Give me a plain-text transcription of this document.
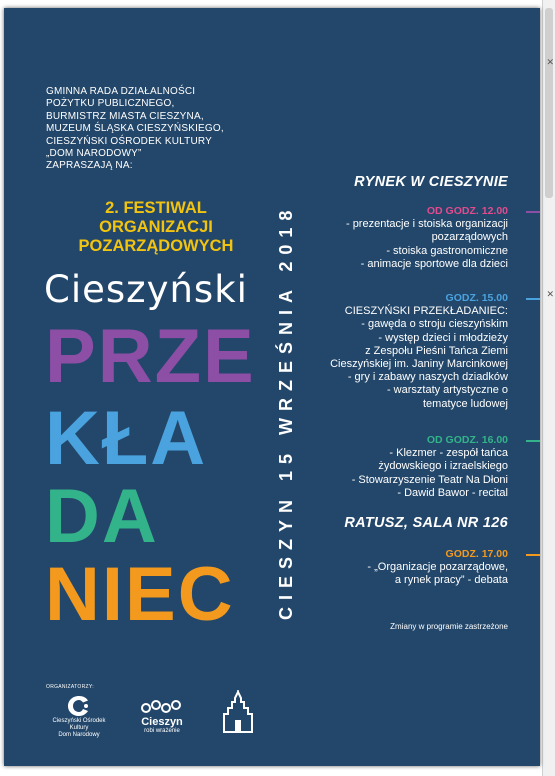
✕
✕
GMINNA RADA DZIAŁALNOŚCI
POŻYTKU PUBLICZNEGO,
BURMISTRZ MIASTA CIESZYNA,
MUZEUM ŚLĄSKA CIESZYŃSKIEGO,
CIESZYŃSKI OŚRODEK KULTURY
„DOM NARODOWY”
ZAPRASZAJĄ NA:
2. FESTIWAL
ORGANIZACJI
POZARZĄDOWYCH
Cieszyński
PRZE
KŁA
DA
NIEC CIESZYN 15 WRZEŚNIA 2018
RYNEK W CIESZYNIE
OD GODZ. 12.00
- prezentacje i stoiska organizacji
pozarządowych
- stoiska gastronomiczne
- animacje sportowe dla dzieci
GODZ. 15.00
CIESZYŃSKI PRZEKŁADANIEC:
- gawęda o stroju cieszyńskim
- występ dzieci i młodzieży
z Zespołu Pieśni Tańca Ziemi
Cieszyńskiej im. Janiny Marcinkowej
- gry i zabawy naszych dziadków
- warsztaty artystyczne o
tematyce ludowej
OD GODZ. 16.00
- Klezmer - zespół tańca
żydowskiego i izraelskiego
- Stowarzyszenie Teatr Na Dłoni
- Dawid Bawor - recital
RATUSZ, SALA NR 126
GODZ. 17.00
- „Organizacje pozarządowe,
a rynek pracy” - debata
Zmiany w programie zastrzeżone
ORGANIZATORZY:
Cieszyński Ośrodek Kultury
Dom Narodowy
Cieszyn
robi wrażenie
